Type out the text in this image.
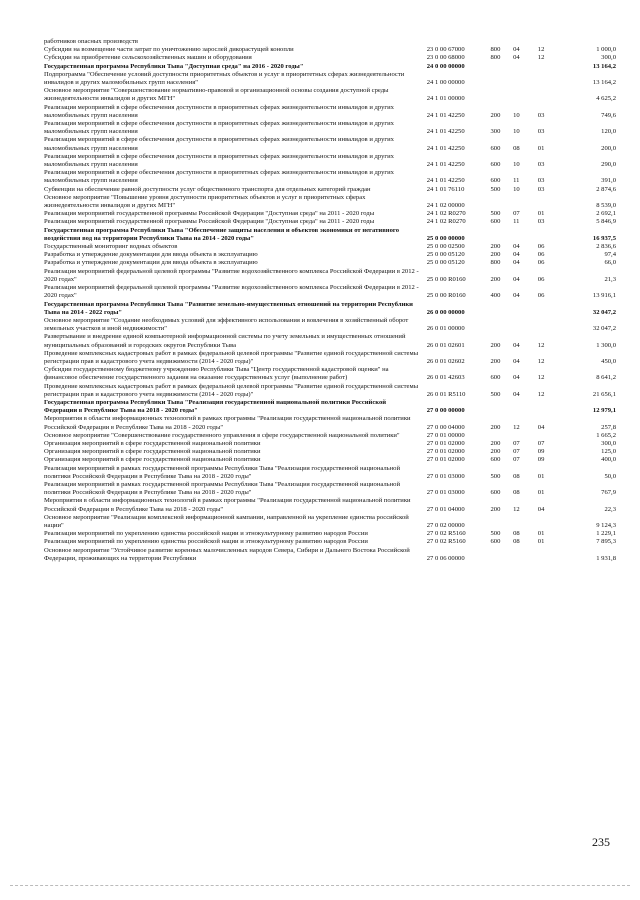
работников опасных производств					
Субсидии на возмещение части затрат по уничтожению зарослей дикорастущей конопли	23 0 00 67000	800	04	12	1 000,0
Субсидии на приобретение сельскохозяйственных машин и оборудования	23 0 00 68000	800	04	12	300,0
Государственная программа Республики Тыва "Доступная среда" на 2016 - 2020 годы"	24 0 00 00000				13 164,2
Подпрограмма "Обеспечение условий доступности приоритетных объектов и услуг в приоритетных сферах жизнедеятельности инвалидов и других маломобильных групп населения"	24 1 00 00000				13 164,2
Основное мероприятие "Совершенствование нормативно-правовой и организационной основы создания доступной среды жизнедеятельности инвалидов и других МГН"	24 1 01 00000				4 625,2
Реализация мероприятий в сфере обеспечения доступности в приоритетных сферах жизнедеятельности инвалидов и других маломобильных групп населения	24 1 01 42250	200	10	03	749,6
Реализация мероприятий в сфере обеспечения доступности в приоритетных сферах жизнедеятельности инвалидов и других маломобильных групп населения	24 1 01 42250	300	10	03	120,0
Реализация мероприятий в сфере обеспечения доступности в приоритетных сферах жизнедеятельности инвалидов и других маломобильных групп населения	24 1 01 42250	600	08	01	200,0
Реализация мероприятий в сфере обеспечения доступности в приоритетных сферах жизнедеятельности инвалидов и других маломобильных групп населения	24 1 01 42250	600	10	03	290,0
Реализация мероприятий в сфере обеспечения доступности в приоритетных сферах жизнедеятельности инвалидов и других маломобильных групп населения	24 1 01 42250	600	11	03	391,0
Субвенции на обеспечение равной доступности услуг общественного транспорта для отдельных категорий граждан	24 1 01 76110	500	10	03	2 874,6
Основное мероприятие "Повышение уровня доступности приоритетных объектов и услуг в приоритетных сферах жизнедеятельности инвалидов и других МГН"	24 1 02 00000				8 539,0
Реализация мероприятий государственной программы Российской Федерации "Доступная среда" на 2011 - 2020 годы	24 1 02 R0270	500	07	01	2 692,1
Реализация мероприятий государственной программы Российской Федерации "Доступная среда" на 2011 - 2020 годы	24 1 02 R0270	600	11	03	5 846,9
Государственная программа Республики Тыва "Обеспечение защиты населения и объектов экономики от негативного воздействия вод на территории Республики Тыва на 2014 - 2020 годы"	25 0 00 00000				16 937,5
Государственный мониторинг водных объектов	25 0 00 02500	200	04	06	2 836,6
Разработка и утверждение документации для ввода объекта в эксплуатацию	25 0 00 05120	200	04	06	97,4
Разработка и утверждение документации для ввода объекта в эксплуатацию	25 0 00 05120	800	04	06	66,0
Реализация мероприятий федеральной целевой программы "Развитие водохозяйственного комплекса Российской Федерации в 2012 - 2020 годах"	25 0 00 R0160	200	04	06	21,3
Реализация мероприятий федеральной целевой программы "Развитие водохозяйственного комплекса Российской Федерации в 2012 - 2020 годах"	25 0 00 R0160	400	04	06	13 916,1
Государственная программа Республики Тыва "Развитие земельно-имущественных отношений на территории Республики Тыва на 2014 - 2022 годы"	26 0 00 00000				32 047,2
Основное мероприятие "Создание необходимых условий для эффективного использования и вовлечения в хозяйственный оборот земельных участков и иной недвижимости"	26 0 01 00000				32 047,2
Развертывание и внедрение единой компьютерной информационной системы по учету земельных и имущественных отношений муниципальных образований и городских округов Республики Тыва	26 0 01 02601	200	04	12	1 300,0
Проведение комплексных кадастровых работ в рамках федеральной целевой программы "Развитие единой государственной системы регистрации прав и кадастрового учета недвижимости (2014 - 2020 годы)"	26 0 01 02602	200	04	12	450,0
Субсидии государственному бюджетному учреждению Республики Тыва "Центр государственной кадастровой оценки" на финансовое обеспечение государственного задания на оказание государственных услуг (выполнение работ)	26 0 01 42603	600	04	12	8 641,2
Проведение комплексных кадастровых работ в рамках федеральной целевой программы "Развитие единой государственной системы регистрации прав и кадастрового учета недвижимости (2014 - 2020 годы)"	26 0 01 R5110	500	04	12	21 656,1
Государственная программа Республики Тыва "Реализация государственной национальной политики Российской Федерации в Республике Тыва на 2018 - 2020 годы"	27 0 00 00000				12 979,1
Мероприятия в области информационных технологий в рамках программы "Реализация государственной национальной политики Российской Федерации в Республике Тыва на 2018 - 2020 годы"	27 0 00 04000	200	12	04	257,8
Основное мероприятие "Совершенствование государственного управления в сфере государственной национальной политики"	27 0 01 00000				1 665,2
Организация мероприятий в сфере государственной национальной политики	27 0 01 02000	200	07	07	300,0
Организация мероприятий в сфере государственной национальной политики	27 0 01 02000	200	07	09	125,0
Организация мероприятий в сфере государственной национальной политики	27 0 01 02000	600	07	09	400,0
Реализация мероприятий в рамках государственной программы Республики Тыва "Реализация государственной национальной политики Российской Федерации в Республике Тыва на 2018 - 2020 годы"	27 0 01 03000	500	08	01	50,0
Реализация мероприятий в рамках государственной программы Республики Тыва "Реализация государственной национальной политики Российской Федерации в Республике Тыва на 2018 - 2020 годы"	27 0 01 03000	600	08	01	767,9
Мероприятия в области информационных технологий в рамках программы "Реализация государственной национальной политики Российской Федерации в Республике Тыва на 2018 - 2020 годы"	27 0 01 04000	200	12	04	22,3
Основное мероприятие "Реализация комплексной информационной кампании, направленной на укрепление единства российской нации"	27 0 02 00000				9 124,3
Реализация мероприятий по укреплению единства российской нации и этнокультурному развитию народов России	27 0 02 R5160	500	08	01	1 229,1
Реализация мероприятий по укреплению единства российской нации и этнокультурному развитию народов России	27 0 02 R5160	600	08	01	7 895,3
Основное мероприятие "Устойчивое развитие коренных малочисленных народов Севера, Сибири и Дальнего Востока Российской Федерации, проживающих на территории Республики	27 0 06 00000				1 931,8
235
